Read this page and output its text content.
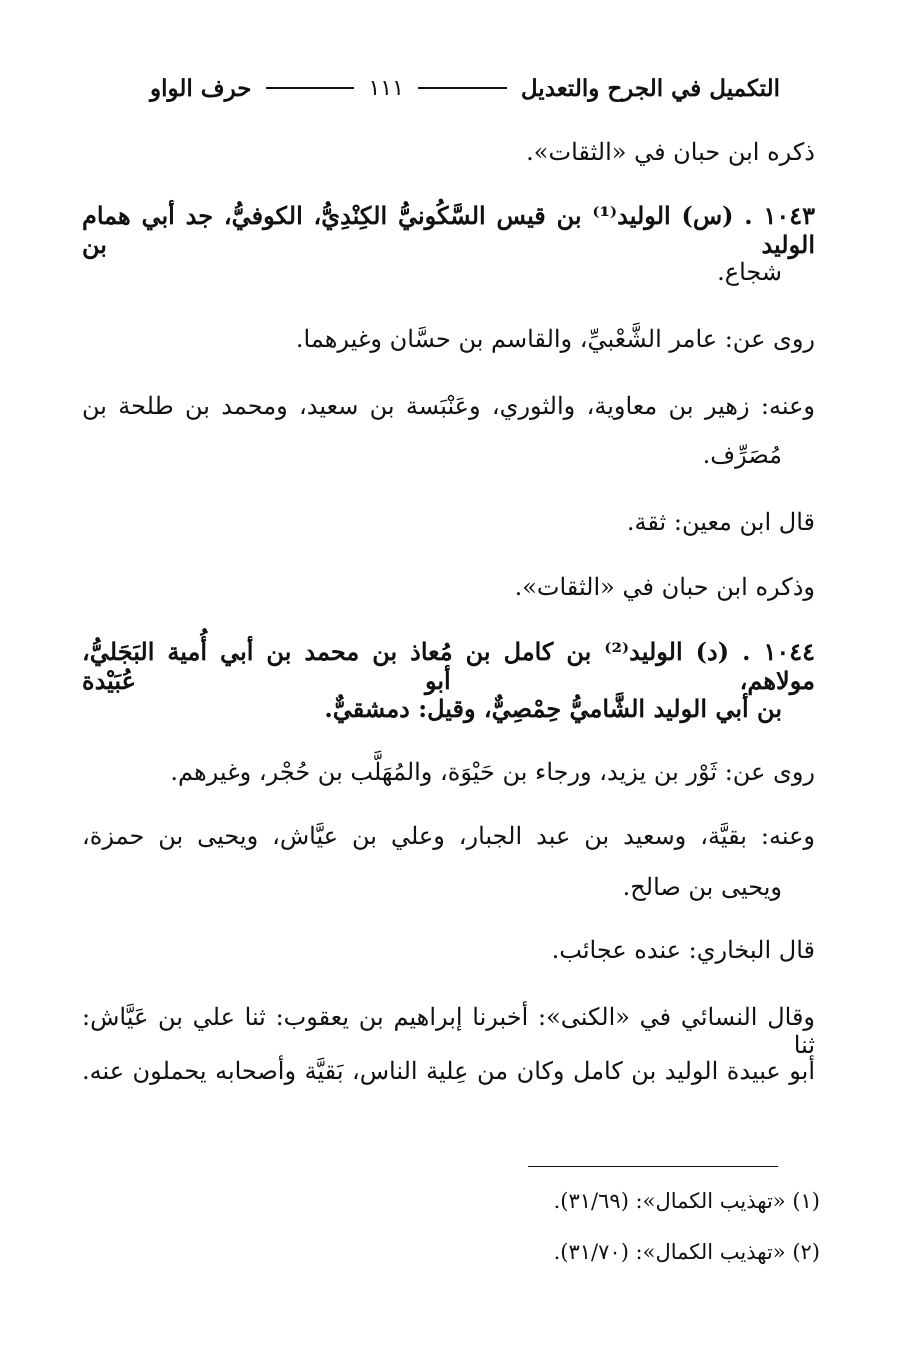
التكميل في الجرح والتعديل
١١١
حرف الواو
ذكره ابن حبان في «الثقات».
١٠٤٣ . (س) الوليد⁽¹⁾ بن قيس السَّكُونيُّ الكِنْدِيُّ، الكوفيُّ، جد أبي همام الوليد بن
شجاع.
روى عن: عامر الشَّعْبيِّ، والقاسم بن حسَّان وغيرهما.
وعنه: زهير بن معاوية، والثوري، وعَنْبَسة بن سعيد، ومحمد بن طلحة بن
مُصَرِّف.
قال ابن معين: ثقة.
وذكره ابن حبان في «الثقات».
١٠٤٤ . (د) الوليد⁽²⁾ بن كامل بن مُعاذ بن محمد بن أبي أُمية البَجَليُّ، مولاهم، أبو عُبَيْدة
بن أبي الوليد الشَّاميُّ حِمْصِيٌّ، وقيل: دمشقيٌّ.
روى عن: ثَوْر بن يزيد، ورجاء بن حَيْوَة، والمُهَلَّب بن حُجْر، وغيرهم.
وعنه: بقيَّة، وسعيد بن عبد الجبار، وعلي بن عيَّاش، ويحيى بن حمزة،
ويحيى بن صالح.
قال البخاري: عنده عجائب.
وقال النسائي في «الكنى»: أخبرنا إبراهيم بن يعقوب: ثنا علي بن عَيَّاش: ثنا
أبو عبيدة الوليد بن كامل وكان من عِلية الناس، بَقيَّة وأصحابه يحملون عنه.
(١) «تهذيب الكمال»: (٣١/٦٩).
(٢) «تهذيب الكمال»: (٣١/٧٠).
